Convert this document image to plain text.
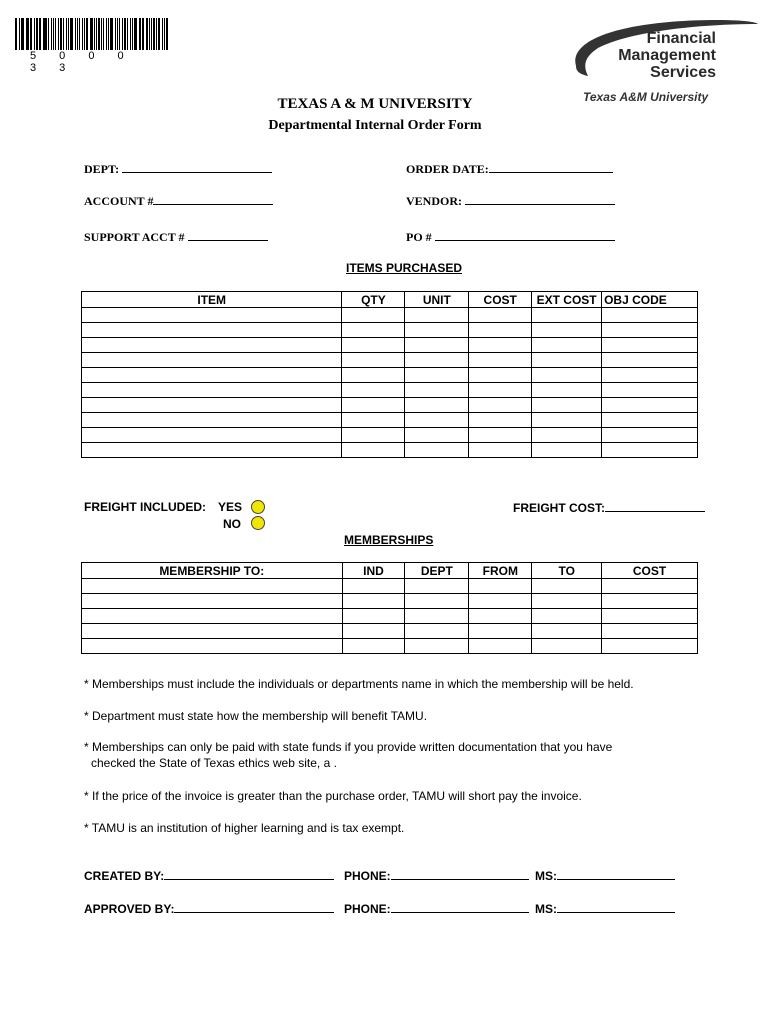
5 0 0 0 3 3
Financial
Management
Services
Texas A&M University
TEXAS A & M UNIVERSITY
Departmental Internal Order Form
DEPT:	ORDER DATE:
ACCOUNT #	VENDOR:
SUPPORT ACCT #	PO #
ITEMS PURCHASED
ITEM	QTY	UNIT	COST	EXT COST	OBJ CODE

FREIGHT INCLUDED: YES
NO
FREIGHT COST:
MEMBERSHIPS
MEMBERSHIP TO:	IND	DEPT	FROM	TO	COST

* Memberships must include the individuals or departments name in which the membership will be held.
* Department must state how the membership will benefit TAMU.
* Memberships can only be paid with state funds if you provide written documentation that you have
checked the State of Texas ethics web site, a .
* If the price of the invoice is greater than the purchase order, TAMU will short pay the invoice.
* TAMU is an institution of higher learning and is tax exempt.
CREATED BY:	PHONE:	MS:
APPROVED BY:	PHONE:	MS:
